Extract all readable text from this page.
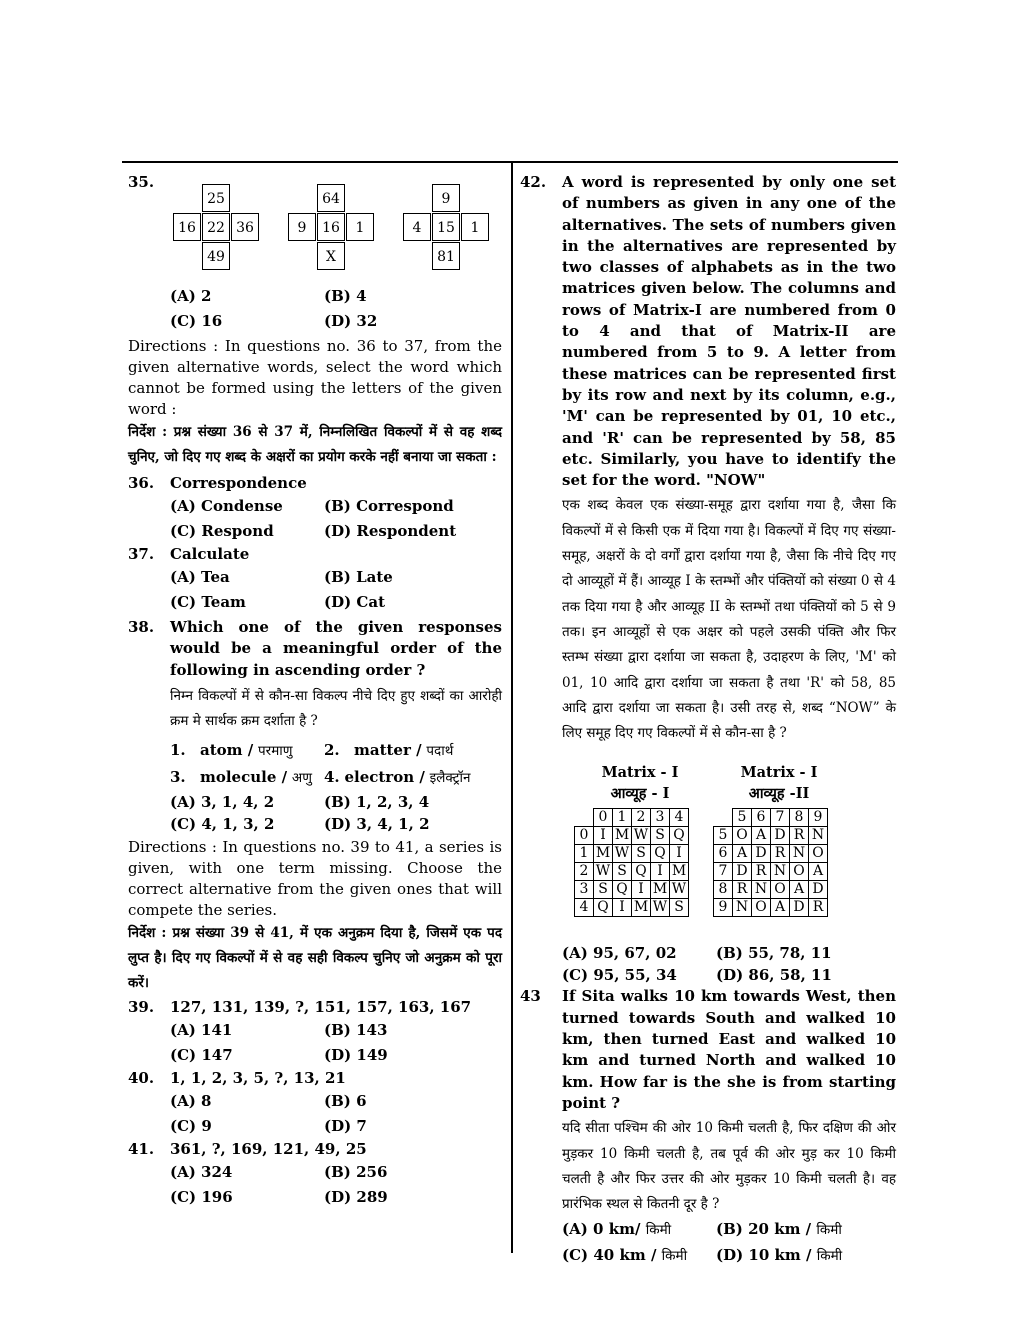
35.
25
16 22 36
49
64
9	16	1
X
9
4	15	1
81
(A) 2	(B) 4
(C) 16	(D) 32
Directions : In questions no. 36 to 37, from the given alternative words, select the word which cannot be formed using the letters of the given word :
निर्देश : प्रश्न संख्या 36 से 37 में, निम्नलिखित विकल्पों में से वह शब्द चुनिए, जो दिए गए शब्द के अक्षरों का प्रयोग करके नहीं बनाया जा सकता :
36.	Correspondence
(A) Condense	(B) Correspond
(C) Respond	(D) Respondent
37.	Calculate
(A) Tea	(B) Late
(C) Team	(D) Cat
38.	Which one of the given responses would be a meaningful order of the following in ascending order ?
निम्न विकल्पों में से कौन-सा विकल्प नीचे दिए हुए शब्दों का आरोही क्रम मे सार्थक क्रम दर्शाता है ?
1. atom / परमाणु	2. matter / पदार्थ
3. molecule / अणु 4. electron / इलैक्ट्रॉन
(A) 3, 1, 4, 2	(B) 1, 2, 3, 4
(C) 4, 1, 3, 2	(D) 3, 4, 1, 2
Directions : In questions no. 39 to 41, a series is given, with one term missing. Choose the correct alternative from the given ones that will compete the series.
निर्देश : प्रश्न संख्या 39 से 41, में एक अनुक्रम दिया है, जिसमें एक पद लुप्त है। दिए गए विकल्पों में से वह सही विकल्प चुनिए जो अनुक्रम को पूरा करें।
39.	127, 131, 139, ?, 151, 157, 163, 167
(A) 141	(B) 143
(C) 147	(D) 149
40.	1, 1, 2, 3, 5, ?, 13, 21
(A) 8	(B) 6
(C) 9	(D) 7
41.	361, ?, 169, 121, 49, 25
(A) 324	(B) 256
(C) 196	(D) 289
42.	A word is represented by only one set of numbers as given in any one of the alternatives. The sets of numbers given in the alternatives are represented by two classes of alphabets as in the two matrices given below. The columns and rows of Matrix-I are numbered from 0 to 4 and that of Matrix-II are numbered from 5 to 9. A letter from these matrices can be represented first by its row and next by its column, e.g., 'M' can be represented by 01, 10 etc., and 'R' can be represented by 58, 85 etc. Similarly, you have to identify the set for the word. "NOW"
एक शब्द केवल एक संख्या-समूह द्वारा दर्शाया गया है, जैसा कि विकल्पों में से किसी एक में दिया गया है। विकल्पों में दिए गए संख्या-समूह, अक्षरों के दो वर्गों द्वारा दर्शाया गया है, जैसा कि नीचे दिए गए दो आव्यूहों में हैं। आव्यूह I के स्तम्भों और पंक्तियों को संख्या 0 से 4 तक दिया गया है और आव्यूह II के स्तम्भों तथा पंक्तियों को 5 से 9 तक। इन आव्यूहों से एक अक्षर को पहले उसकी पंक्ति और फिर स्तम्भ संख्या द्वारा दर्शाया जा सकता है, उदाहरण के लिए, 'M' को 01, 10 आदि द्वारा दर्शाया जा सकता है तथा 'R' को 58, 85 आदि द्वारा दर्शाया जा सकता है। उसी तरह से, शब्द “NOW” के लिए समूह दिए गए विकल्पों में से कौन-सा है ?
Matrix - I
आव्यूह - I
Matrix - I
आव्यूह -II
	0	1	2	3	4
0	I	M	W	S	Q
1	M	W	S	Q	I
2	W	S	Q	I	M
3	S	Q	I	M	W
4	Q	I	M	W	S
	5	6	7	8	9
5	O	A	D	R	N
6	A	D	R	N	O
7	D	R	N	O	A
8	R	N	O	A	D
9	N	O	A	D	R
(A) 95, 67, 02	(B) 55, 78, 11
(C) 95, 55, 34	(D) 86, 58, 11
43	If Sita walks 10 km towards West, then turned towards South and walked 10 km, then turned East and walked 10 km and turned North and walked 10 km. How far is the she is from starting point ?
यदि सीता पश्चिम की ओर 10 किमी चलती है, फिर दक्षिण की ओर मुड़कर 10 किमी चलती है, तब पूर्व की ओर मुड़ कर 10 किमी चलती है और फिर उत्तर की ओर मुड़कर 10 किमी चलती है। वह प्रारंभिक स्थल से कितनी दूर है ?
(A) 0 km/ किमी	(B) 20 km / किमी
(C) 40 km / किमी	(D) 10 km / किमी
